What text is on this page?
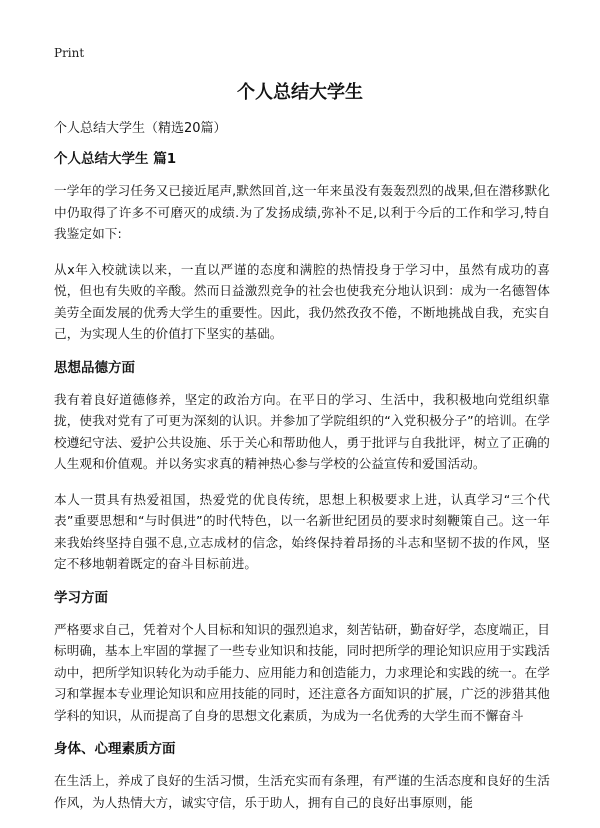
Print
个人总结大学生

个人总结大学生（精选20篇）

个人总结大学生 篇1

一学年的学习任务又已接近尾声,默然回首,这一年来虽没有轰轰烈烈的战果,但在潜移默化中仍取得了许多不可磨灭的成绩.为了发扬成绩,弥补不足,以利于今后的工作和学习,特自我鉴定如下:

从x年入校就读以来，一直以严谨的态度和满腔的热情投身于学习中，虽然有成功的喜悦，但也有失败的辛酸。然而日益激烈竞争的社会也使我充分地认识到：成为一名德智体美劳全面发展的优秀大学生的重要性。因此，我仍然孜孜不倦，不断地挑战自我，充实自己，为实现人生的价值打下坚实的基础。

思想品德方面

我有着良好道德修养，坚定的政治方向。在平日的学习、生活中，我积极地向党组织靠拢，使我对党有了可更为深刻的认识。并参加了学院组织的“入党积极分子”的培训。在学校遵纪守法、爱护公共设施、乐于关心和帮助他人，勇于批评与自我批评，树立了正确的人生观和价值观。并以务实求真的精神热心参与学校的公益宣传和爱国活动。

本人一贯具有热爱祖国，热爱党的优良传统，思想上积极要求上进，认真学习“三个代表”重要思想和“与时俱进”的时代特色，以一名新世纪团员的要求时刻鞭策自己。这一年来我始终坚持自强不息,立志成材的信念，始终保持着昂扬的斗志和坚韧不拔的作风，坚定不移地朝着既定的奋斗目标前进。

学习方面

严格要求自己，凭着对个人目标和知识的强烈追求，刻苦钻研，勤奋好学，态度端正，目标明确，基本上牢固的掌握了一些专业知识和技能，同时把所学的理论知识应用于实践活动中，把所学知识转化为动手能力、应用能力和创造能力，力求理论和实践的统一。在学习和掌握本专业理论知识和应用技能的同时，还注意各方面知识的扩展，广泛的涉猎其他学科的知识，从而提高了自身的思想文化素质，为成为一名优秀的大学生而不懈奋斗

身体、心理素质方面

在生活上，养成了良好的生活习惯，生活充实而有条理，有严谨的生活态度和良好的生活作风，为人热情大方，诚实守信，乐于助人，拥有自己的良好出事原则，能
